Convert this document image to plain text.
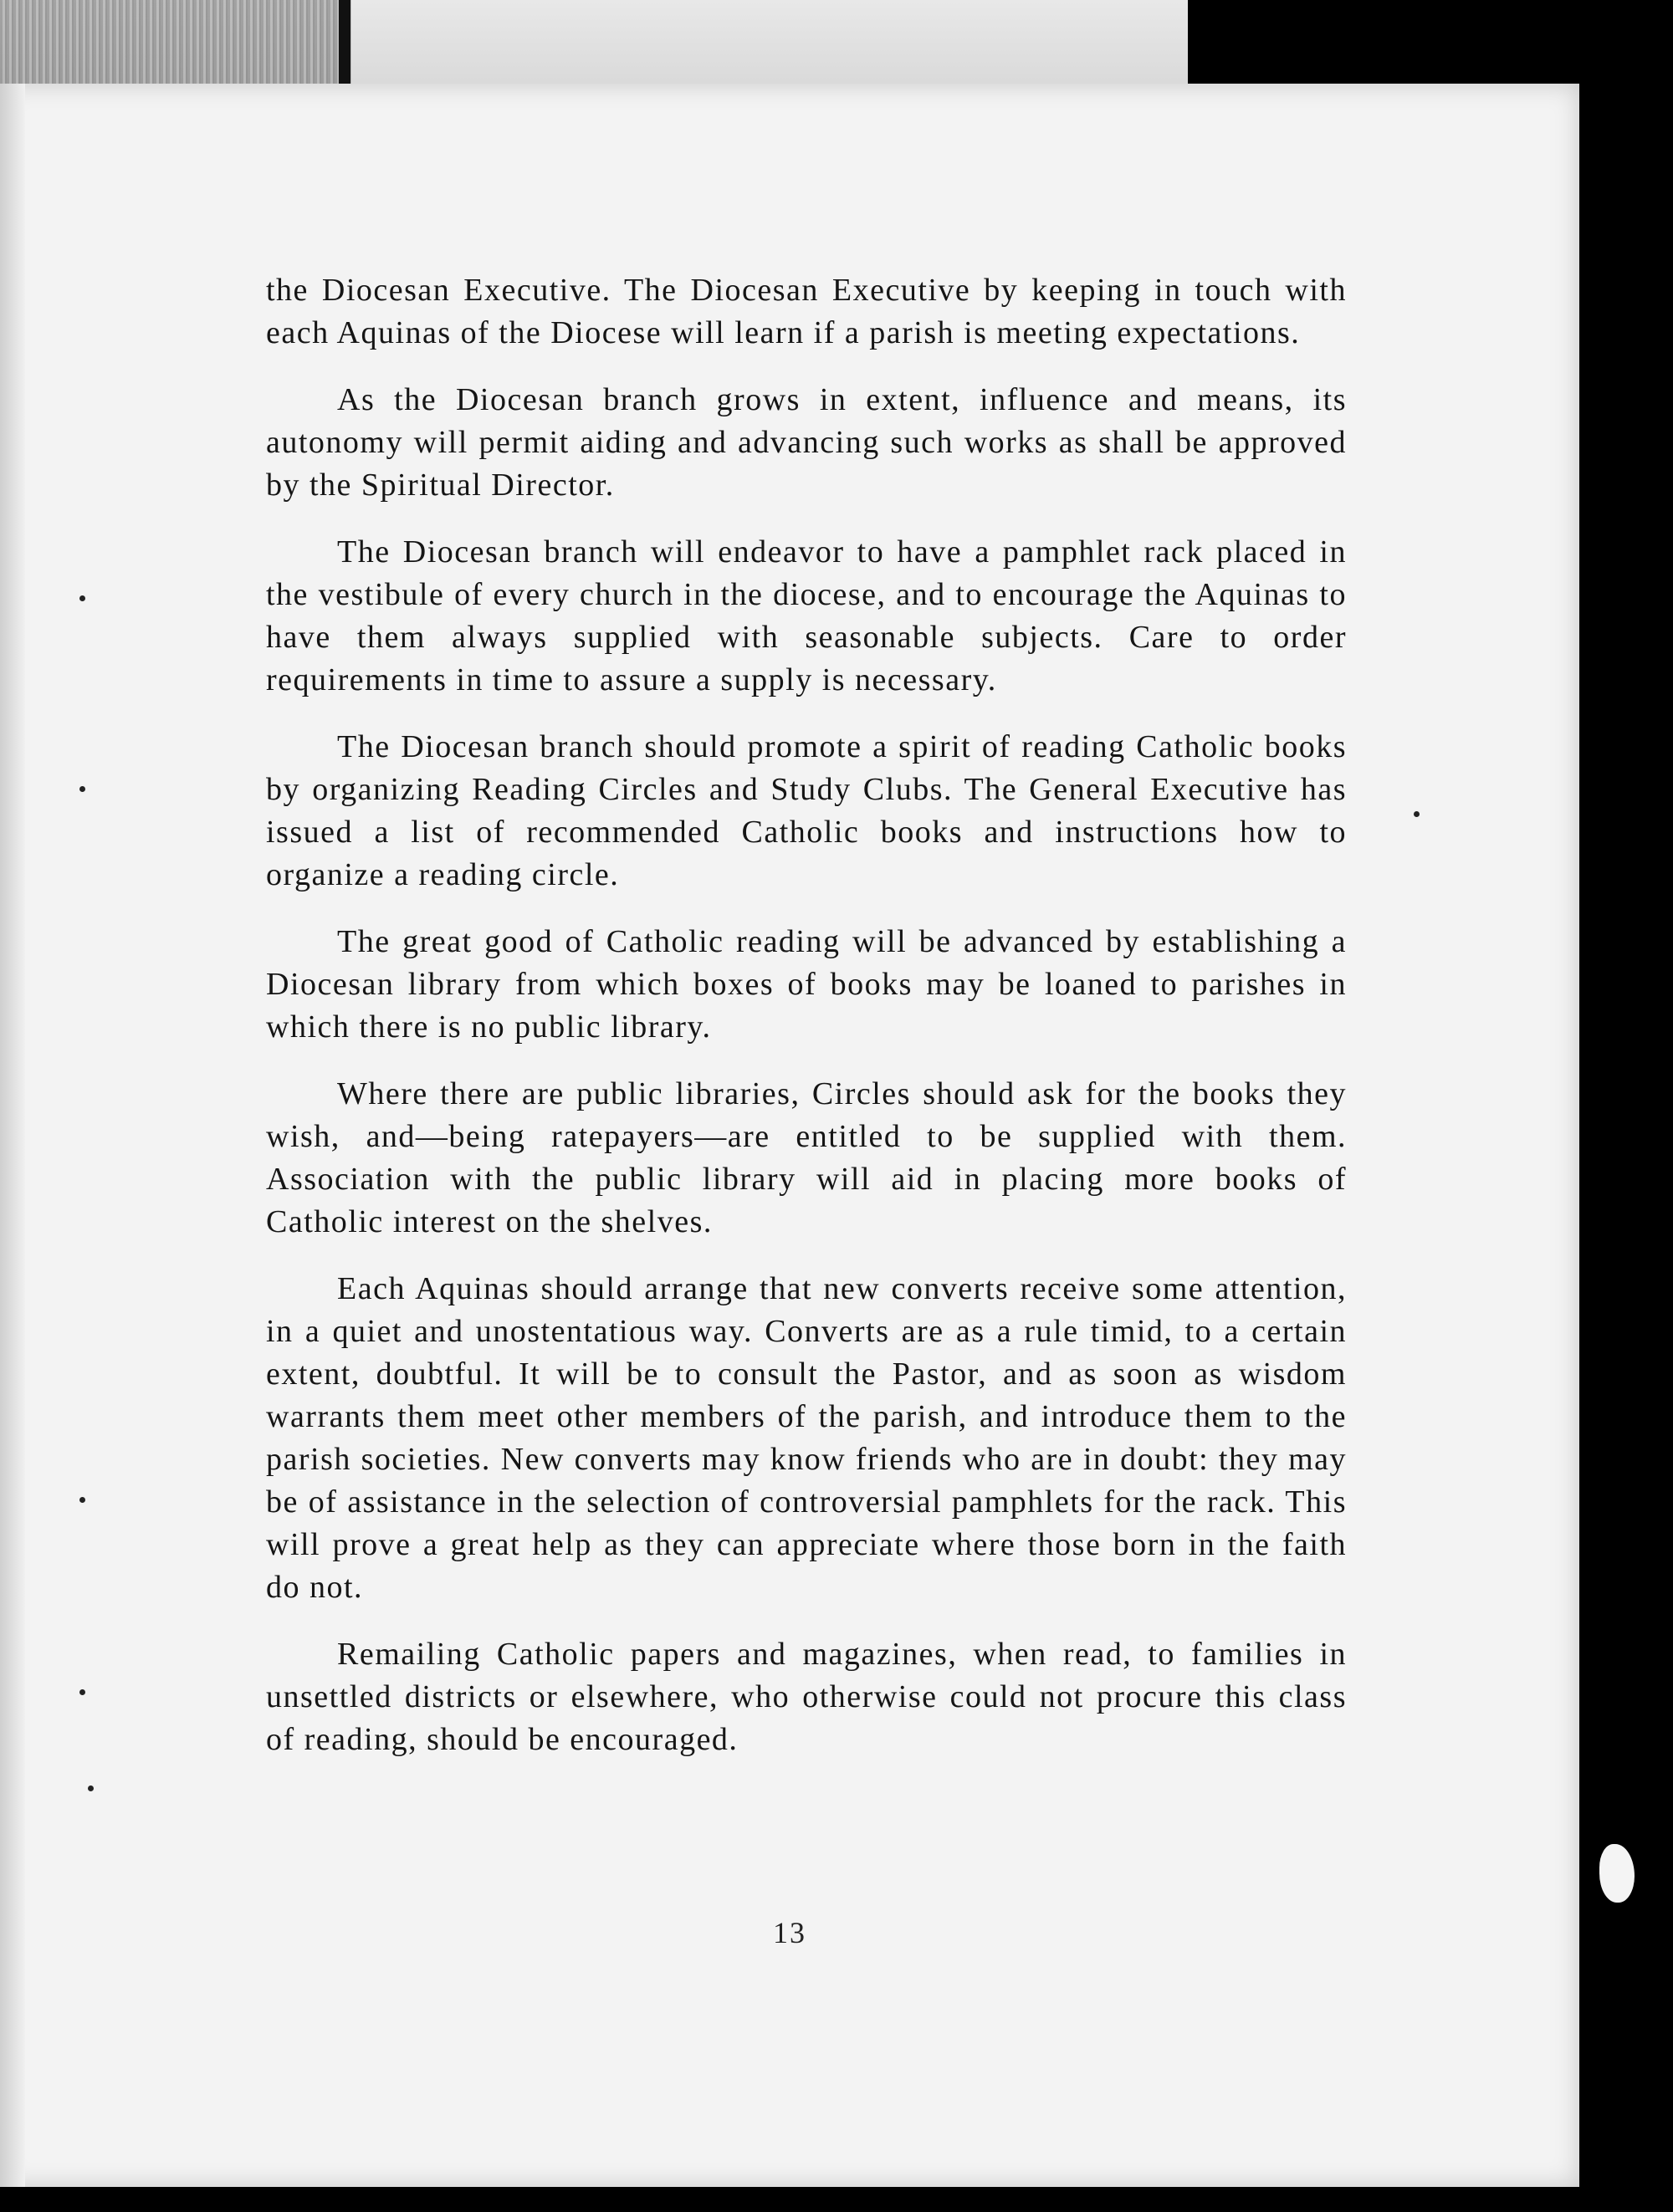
the Diocesan Executive. The Diocesan Executive by keeping in touch with each Aquinas of the Diocese will learn if a parish is meeting expectations.

As the Diocesan branch grows in extent, influence and means, its autonomy will permit aiding and advancing such works as shall be approved by the Spiritual Director.

The Diocesan branch will endeavor to have a pamphlet rack placed in the vestibule of every church in the diocese, and to encourage the Aquinas to have them always supplied with seasonable subjects. Care to order requirements in time to assure a supply is necessary.

The Diocesan branch should promote a spirit of reading Catholic books by organizing Reading Circles and Study Clubs. The General Executive has issued a list of recommended Catholic books and instructions how to organize a reading circle.

The great good of Catholic reading will be advanced by establishing a Diocesan library from which boxes of books may be loaned to parishes in which there is no public library.

Where there are public libraries, Circles should ask for the books they wish, and—being ratepayers—are entitled to be supplied with them. Association with the public library will aid in placing more books of Catholic interest on the shelves.

Each Aquinas should arrange that new converts receive some attention, in a quiet and unostentatious way. Converts are as a rule timid, to a certain extent, doubtful. It will be to consult the Pastor, and as soon as wisdom warrants them meet other members of the parish, and introduce them to the parish societies. New converts may know friends who are in doubt: they may be of assistance in the selection of controversial pamphlets for the rack. This will prove a great help as they can appreciate where those born in the faith do not.

Remailing Catholic papers and magazines, when read, to families in unsettled districts or elsewhere, who otherwise could not procure this class of reading, should be encouraged.

13
